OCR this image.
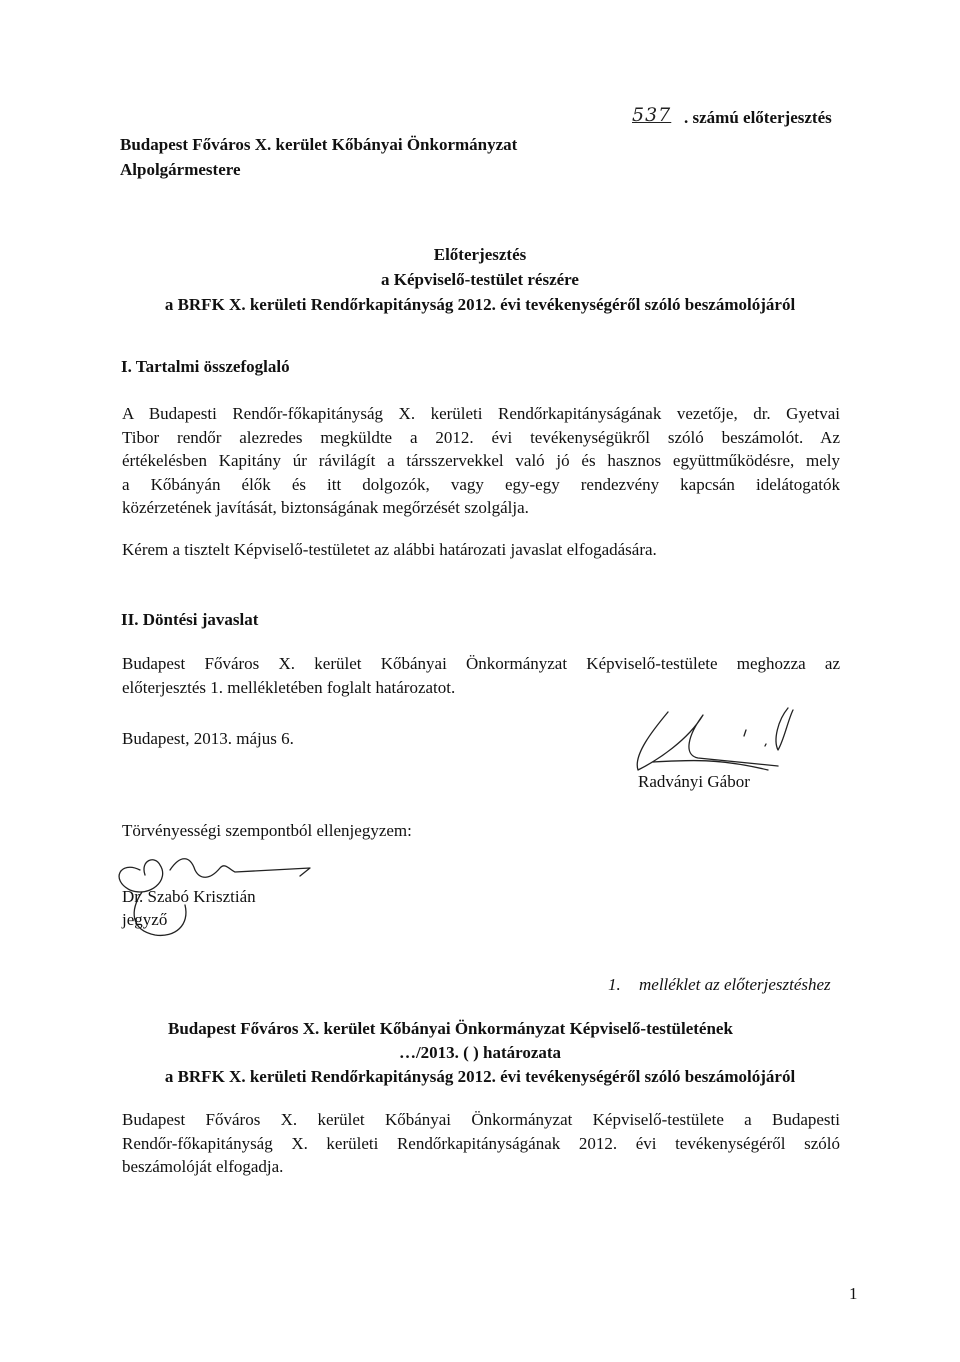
537 . számú előterjesztés
Budapest Főváros X. kerület Kőbányai Önkormányzat
Alpolgármestere
Előterjesztés
a Képviselő-testület részére
a BRFK X. kerületi Rendőrkapitányság 2012. évi tevékenységéről szóló beszámolójáról
I. Tartalmi összefoglaló
A Budapesti Rendőr-főkapitányság X. kerületi Rendőrkapitányságának vezetője, dr. Gyetvai
Tibor rendőr alezredes megküldte a 2012. évi tevékenységükről szóló beszámolót. Az
értékelésben Kapitány úr rávilágít a társszervekkel való jó és hasznos együttműködésre, mely
a Kőbányán élők és itt dolgozók, vagy egy-egy rendezvény kapcsán idelátogatók
közérzetének javítását, biztonságának megőrzését szolgálja.
Kérem a tisztelt Képviselő-testületet az alábbi határozati javaslat elfogadására.
II. Döntési javaslat
Budapest Főváros X. kerület Kőbányai Önkormányzat Képviselő-testülete meghozza az
előterjesztés 1. mellékletében foglalt határozatot.
Budapest, 2013. május 6.
Radványi Gábor
Törvényességi szempontból ellenjegyzem:
Dr. Szabó Krisztián
jegyző
1. melléklet az előterjesztéshez
Budapest Főváros X. kerület Kőbányai Önkormányzat Képviselő-testületének
…/2013. ( ) határozata
a BRFK X. kerületi Rendőrkapitányság 2012. évi tevékenységéről szóló beszámolójáról
Budapest Főváros X. kerület Kőbányai Önkormányzat Képviselő-testülete a Budapesti
Rendőr-főkapitányság X. kerületi Rendőrkapitányságának 2012. évi tevékenységéről szóló
beszámolóját elfogadja.
1
